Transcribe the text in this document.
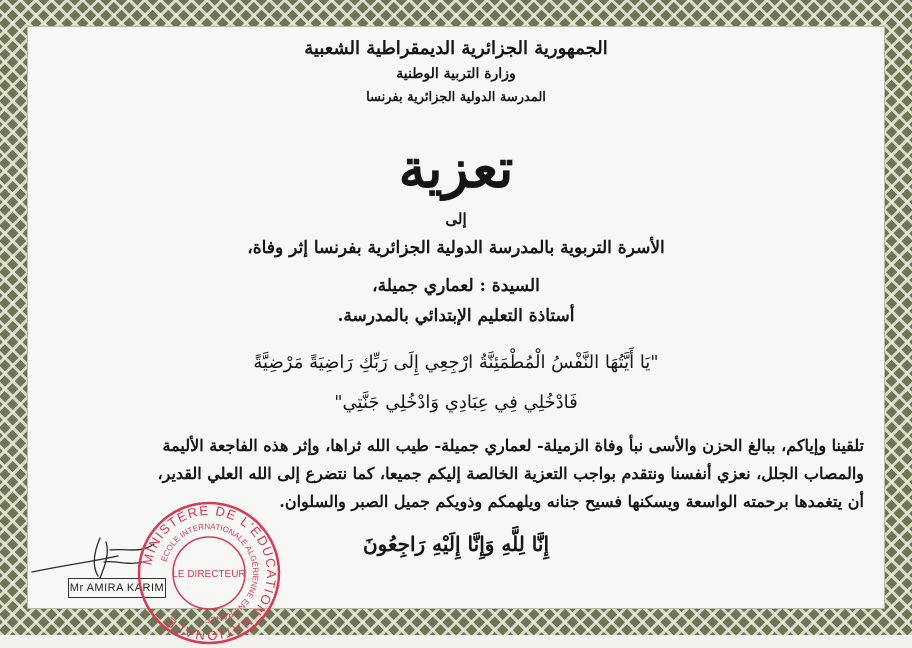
الجمهورية الجزائرية الديمقراطية الشعبية
وزارة التربية الوطنية
المدرسة الدولية الجزائرية بفرنسا
تعزية
إلى
الأسرة التربوية بالمدرسة الدولية الجزائرية بفرنسا إثر وفاة،
السيدة : لعماري جميلة،
أستاذة التعليم الإبتدائي بالمدرسة.
"يَا أَيَّتُهَا النَّفْسُ الْمُطْمَئِنَّةُ ارْجِعِي إِلَى رَبِّكِ رَاضِيَةً مَرْضِيَّةً
فَادْخُلِي فِي عِبَادِي وَادْخُلِي جَنَّتِي"
تلقينا وإياكم، ببالغ الحزن والأسى نبأ وفاة الزميلة- لعماري جميلة- طيب الله ثراها، وإثر هذه الفاجعة الأليمة
والمصاب الجلل، نعزي أنفسنا ونتقدم بواجب التعزية الخالصة إليكم جميعا، كما نتضرع إلى الله العلي القدير،
أن يتغمدها برحمته الواسعة ويسكنها فسيح جنانه ويلهمكم وذويكم جميل الصبر والسلوان.
إِنَّا لِلَّهِ وَإِنَّا إِلَيْهِ رَاجِعُونَ
Mr AMIRA KARIM
MINISTÈRE DE L'ÉDUCATION NATIONALE
ÉCOLE INTERNATIONALE ALGÉRIENNE EN FRANCE
LE DIRECTEUR
